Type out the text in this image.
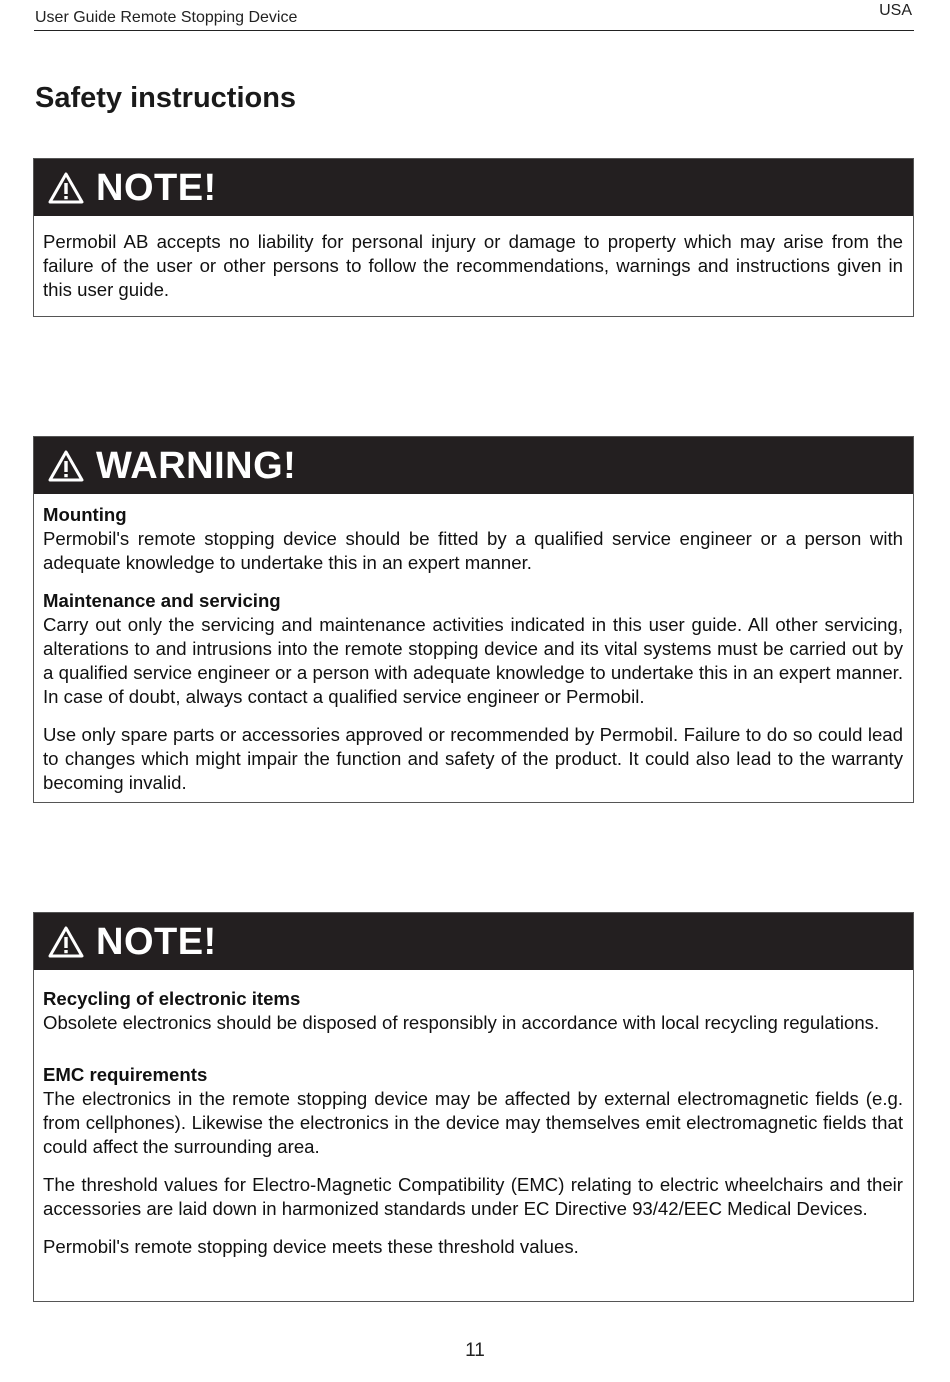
User Guide Remote Stopping Device	USA
Safety instructions
NOTE!

Permobil AB accepts no liability for personal injury or damage to property which may arise from the failure of the user or other persons to follow the recommendations, warnings and instructions given in this user guide.

WARNING!

Mounting

Permobil's remote stopping device should be fitted by a qualified service engineer or a person with adequate knowledge to undertake this in an expert manner.

Maintenance and servicing

Carry out only the servicing and maintenance activities indicated in this user guide. All other servicing, alterations to and intrusions into the remote stopping device and its vital systems must be carried out by a qualified service engineer or a person with adequate knowledge to undertake this in an expert manner. In case of doubt, always contact a qualified service engineer or Permobil.

Use only spare parts or accessories approved or recommended by Permobil. Failure to do so could lead to changes which might impair the function and safety of the product. It could also lead to the warranty becoming invalid.

NOTE!

Recycling of electronic items

Obsolete electronics should be disposed of responsibly in accordance with local recycling regulations.

EMC requirements

The electronics in the remote stopping device may be affected by external electromagnetic fields (e.g. from cellphones). Likewise the electronics in the device may themselves emit electromagnetic fields that could affect the surrounding area.

The threshold values for Electro-Magnetic Compatibility (EMC) relating to electric wheelchairs and their accessories are laid down in harmonized standards under EC Directive 93/42/EEC Medical Devices.

Permobil's remote stopping device meets these threshold values.

11
